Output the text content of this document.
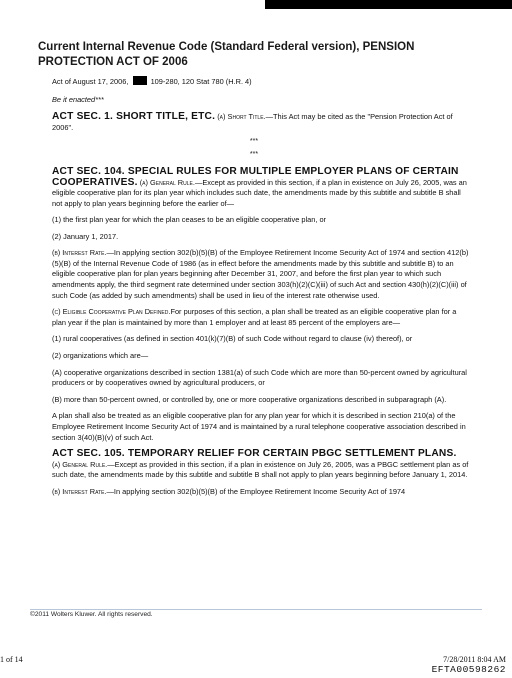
Current Internal Revenue Code (Standard Federal version), PENSION PROTECTION ACT OF 2006
Act of August 17, 2006,	109-280, 120 Stat 780 (H.R. 4)
Be it enacted***
ACT SEC. 1. SHORT TITLE, ETC. (a) Short Title.—This Act may be cited as the "Pension Protection Act of 2006".
***
***
ACT SEC. 104. SPECIAL RULES FOR MULTIPLE EMPLOYER PLANS OF CERTAIN COOPERATIVES. (a) General Rule.—Except as provided in this section, if a plan in existence on July 26, 2005, was an eligible cooperative plan for its plan year which includes such date, the amendments made by this subtitle and subtitle B shall not apply to plan years beginning before the earlier of—
(1) the first plan year for which the plan ceases to be an eligible cooperative plan, or
(2) January 1, 2017.
(b) Interest Rate.—In applying section 302(b)(5)(B) of the Employee Retirement Income Security Act of 1974 and section 412(b)(5)(B) of the Internal Revenue Code of 1986 (as in effect before the amendments made by this subtitle and subtitle B) to an eligible cooperative plan for plan years beginning after December 31, 2007, and before the first plan year to which such amendments apply, the third segment rate determined under section 303(h)(2)(C)(iii) of such Act and section 430(h)(2)(C)(iii) of such Code (as added by such amendments) shall be used in lieu of the interest rate otherwise used.
(c) Eligible Cooperative Plan Defined.For purposes of this section, a plan shall be treated as an eligible cooperative plan for a plan year if the plan is maintained by more than 1 employer and at least 85 percent of the employers are—
(1) rural cooperatives (as defined in section 401(k)(7)(B) of such Code without regard to clause (iv) thereof), or
(2) organizations which are—
(A) cooperative organizations described in section 1381(a) of such Code which are more than 50-percent owned by agricultural producers or by cooperatives owned by agricultural producers, or
(B) more than 50-percent owned, or controlled by, one or more cooperative organizations described in subparagraph (A).
A plan shall also be treated as an eligible cooperative plan for any plan year for which it is described in section 210(a) of the Employee Retirement Income Security Act of 1974 and is maintained by a rural telephone cooperative association described in section 3(40)(B)(v) of such Act.
ACT SEC. 105. TEMPORARY RELIEF FOR CERTAIN PBGC SETTLEMENT PLANS.
(a) General Rule.—Except as provided in this section, if a plan in existence on July 26, 2005, was a PBGC settlement plan as of such date, the amendments made by this subtitle and subtitle B shall not apply to plan years beginning before January 1, 2014.
(b) Interest Rate.—In applying section 302(b)(5)(B) of the Employee Retirement Income Security Act of 1974
©2011 Wolters Kluwer. All rights reserved.
1 of 14	7/28/2011 8:04 AM
EFTA00598262
